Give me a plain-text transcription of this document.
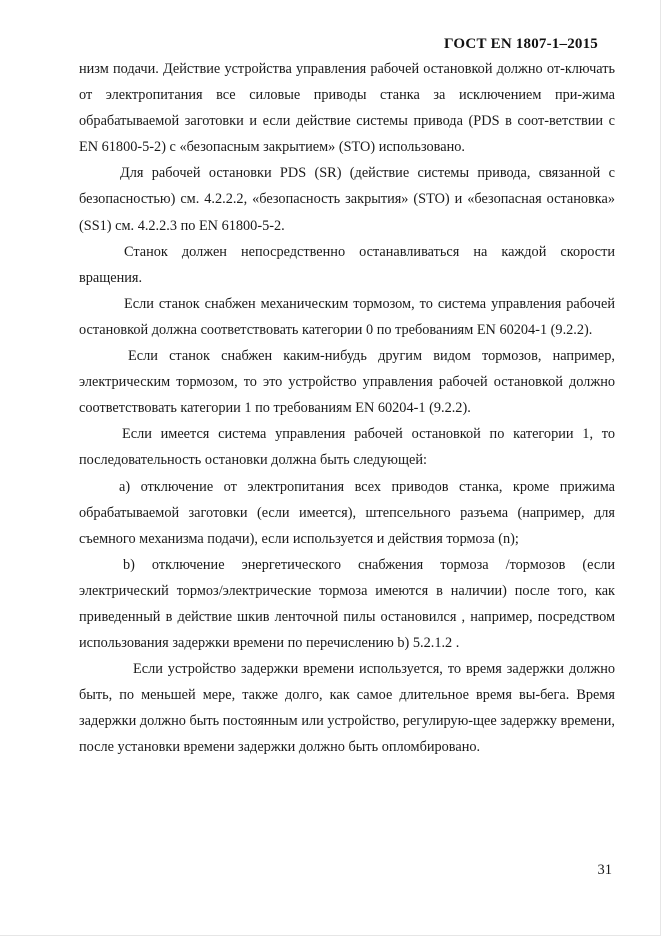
ГОСТ EN 1807-1–2015

низм подачи. Действие устройства управления рабочей остановкой должно от-ключать от электропитания все силовые приводы станка за исключением при-жима обрабатываемой заготовки и если действие системы привода (PDS в соот-ветствии с EN 61800-5-2) с «безопасным закрытием» (STO) использовано.

Для рабочей остановки PDS (SR) (действие системы привода, связанной с безопасностью) см. 4.2.2.2, «безопасность закрытия» (STO) и «безопасная остановка» (SS1) см. 4.2.2.3 по EN 61800-5-2.

Станок должен непосредственно останавливаться на каждой скорости вращения.

Если станок снабжен механическим тормозом, то система управления рабочей остановкой должна соответствовать категории 0 по требованиям EN 60204-1 (9.2.2).

Если станок снабжен каким-нибудь другим видом тормозов, например, электрическим тормозом, то это устройство управления рабочей остановкой должно соответствовать категории 1 по требованиям EN 60204-1 (9.2.2).

Если имеется система управления рабочей остановкой по категории 1, то последовательность остановки должна быть следующей:

а) отключение от электропитания всех приводов станка, кроме прижима обрабатываемой заготовки (если имеется), штепсельного разъема (например, для съемного механизма подачи), если используется и действия тормоза (n);

b) отключение энергетического снабжения тормоза /тормозов (если электрический тормоз/электрические тормоза имеются в наличии) после того, как приведенный в действие шкив ленточной пилы остановился , например, посредством использования задержки времени по перечислению b) 5.2.1.2 .

Если устройство задержки времени используется, то время задержки должно быть, по меньшей мере, также долго, как самое длительное время вы-бега. Время задержки должно быть постоянным или устройство, регулирую-щее задержку времени, после установки времени задержки должно быть опломбировано.

31
